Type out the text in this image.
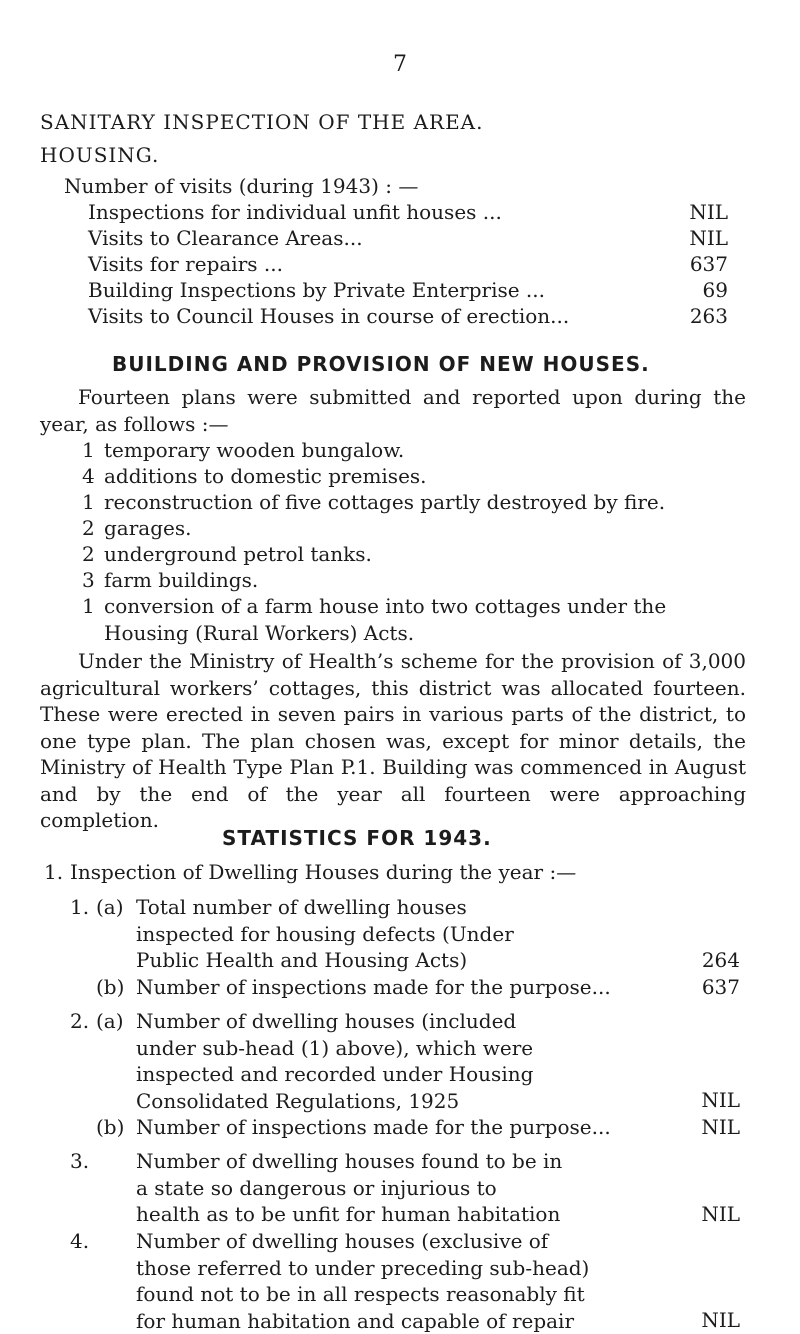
7
SANITARY INSPECTION OF THE AREA.
HOUSING.
Number of visits (during 1943) : —
Inspections for individual unfit houses ...	NIL
Visits to Clearance Areas...	NIL
Visits for repairs ...	637
Building Inspections by Private Enterprise ...	69
Visits to Council Houses in course of erection...	263
BUILDING AND PROVISION OF NEW HOUSES.
Fourteen plans were submitted and reported upon during the year, as follows :—
1 temporary wooden bungalow.
4 additions to domestic premises.
1 reconstruction of five cottages partly destroyed by fire.
2 garages.
2 underground petrol tanks.
3 farm buildings.
1 conversion of a farm house into two cottages under the Housing (Rural Workers) Acts.
Under the Ministry of Health’s scheme for the provision of 3,000 agricultural workers’ cottages, this district was allocated fourteen. These were erected in seven pairs in various parts of the district, to one type plan. The plan chosen was, except for minor details, the Ministry of Health Type Plan P.1. Building was commenced in August and by the end of the year all fourteen were approaching completion.
STATISTICS FOR 1943.
1. Inspection of Dwelling Houses during the year :—
1. (a) Total number of dwelling houses inspected for housing defects (Under Public Health and Housing Acts)	264
(b) Number of inspections made for the purpose...	637
2. (a) Number of dwelling houses (included under sub-head (1) above), which were inspected and recorded under Housing Consolidated Regulations, 1925	NIL
(b) Number of inspections made for the purpose...	NIL
3. Number of dwelling houses found to be in a state so dangerous or injurious to health as to be unfit for human habitation	NIL
4. Number of dwelling houses (exclusive of those referred to under preceding sub-head) found not to be in all respects reasonably fit for human habitation and capable of repair	NIL
